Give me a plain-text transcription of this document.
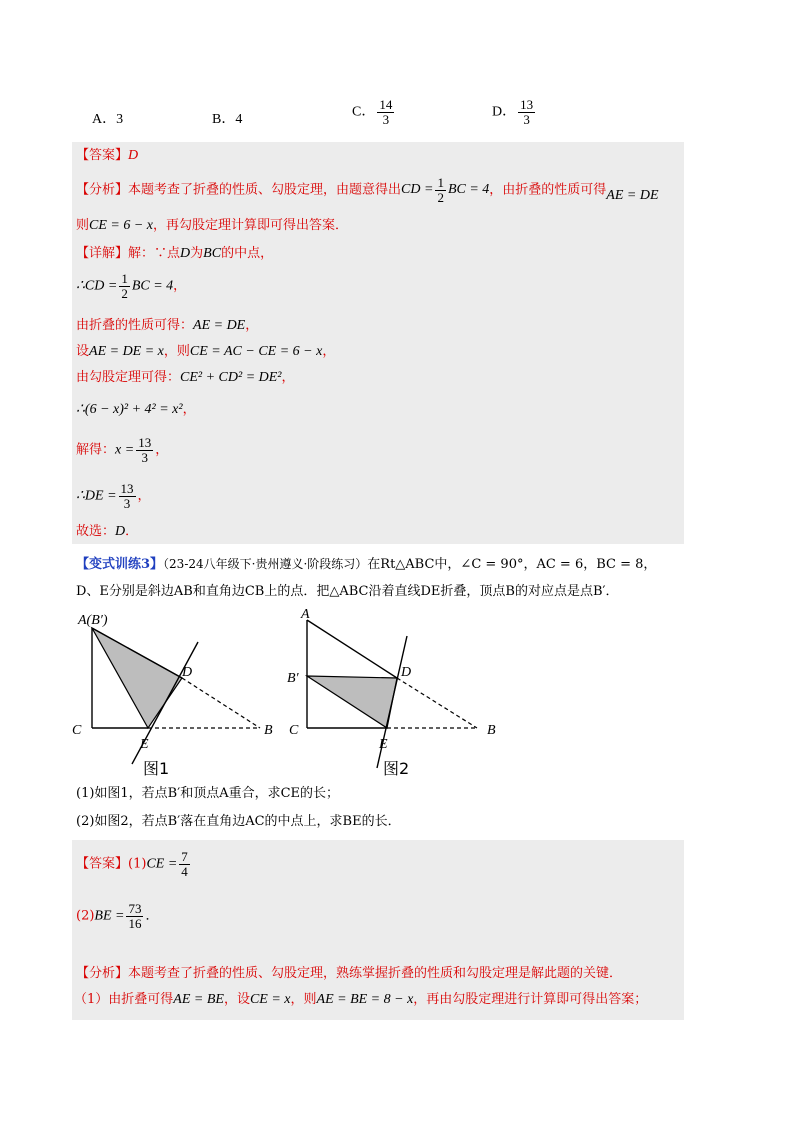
A．3	B．4
C． $\frac{14}{3}$	D． $\frac{13}{3}$
【答案】D
【分析】本题考查了折叠的性质、勾股定理，由题意得出CD = $\frac{1}{2}$ BC = 4，由折叠的性质可得AE = DE
则CE = 6 − x，再勾股定理计算即可得出答案．
【详解】解：∵点D为BC的中点，
∴CD = $\frac{1}{2}$ BC = 4，
由折叠的性质可得：AE = DE，
设AE = DE = x，则CE = AC − CE = 6 − x，
由勾股定理可得：CE² + CD² = DE²，
∴(6 − x)² + 4² = x²，
解得：$x = \frac{13}{3}$ ，
∴DE = $\frac{13}{3}$ ，
故选：D．
【变式训练3】（23-24八年级下·贵州遵义·阶段练习）在Rt△ABC中，∠C = 90°，AC = 6，BC = 8，
D、E分别是斜边AB和直角边CB上的点．把△ABC沿着直线DE折叠，顶点B的对应点是点B′．
A(B′)
C
D
E
B
图1
A
B′
C
D
E
B
图2
(1)如图1，若点B′和顶点A重合，求CE的长；
(2)如图2，若点B′落在直角边AC的中点上，求BE的长．
【答案】$(1)CE = \frac{7}{4}$
$(2)BE = \frac{73}{16}$ ．
【分析】本题考查了折叠的性质、勾股定理，熟练掌握折叠的性质和勾股定理是解此题的关键．
（1）由折叠可得AE = BE，设CE = x，则AE = BE = 8 − x，再由勾股定理进行计算即可得出答案；
